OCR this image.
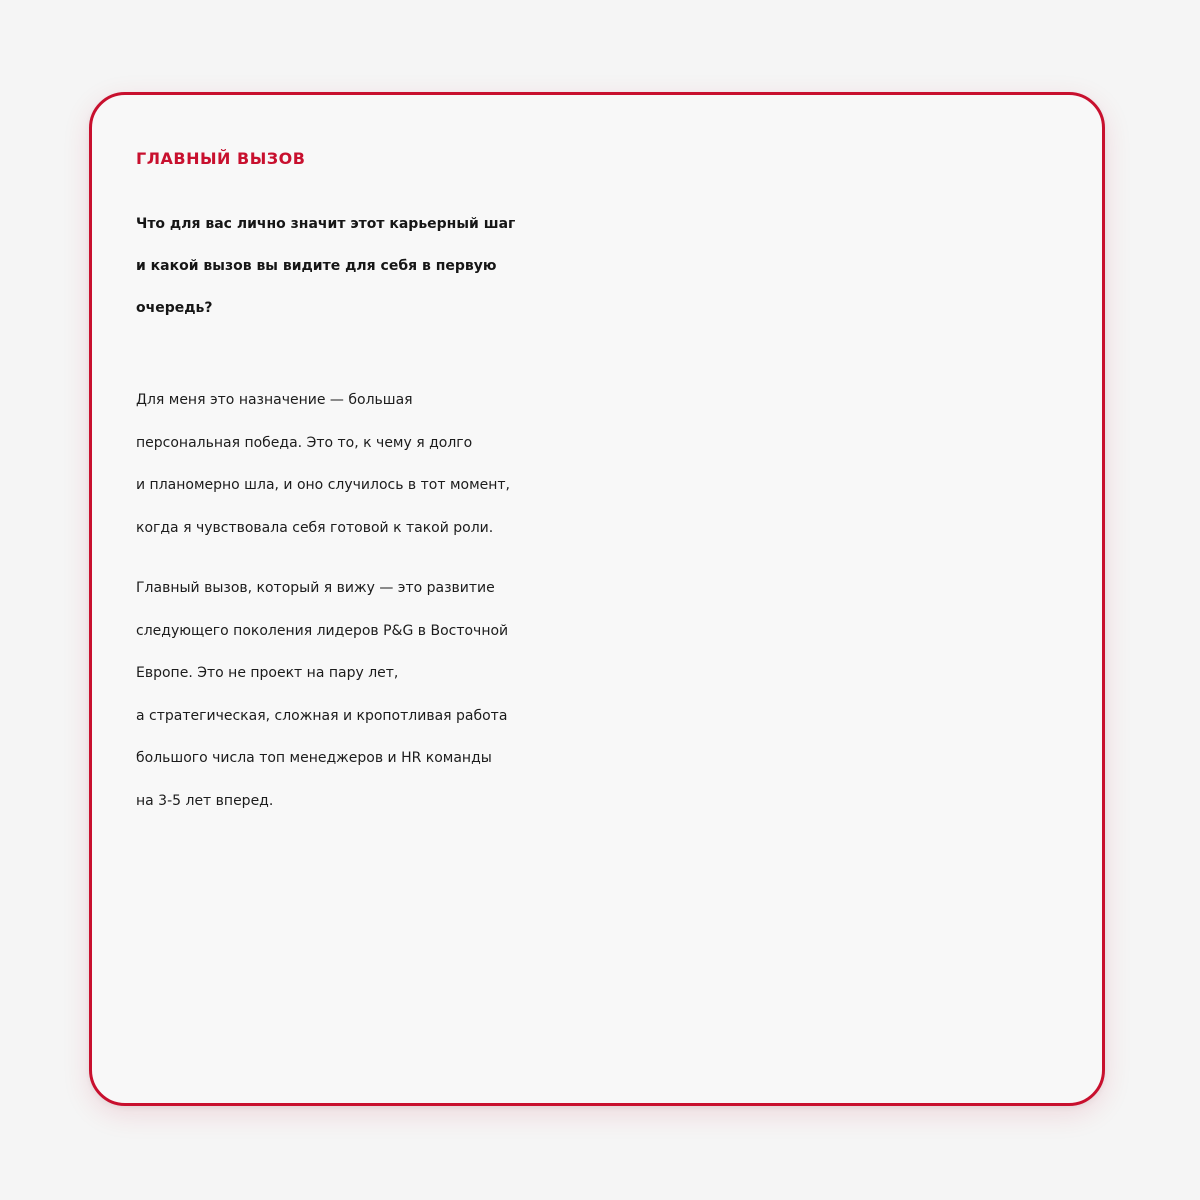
ГЛАВНЫЙ ВЫЗОВ

Что для вас лично значит этот карьерный шаг
и какой вызов вы видите для себя в первую
очередь?

Для меня это назначение — большая
персональная победа. Это то, к чему я долго
и планомерно шла, и оно случилось в тот момент,
когда я чувствовала себя готовой к такой роли.

Главный вызов, который я вижу — это развитие
следующего поколения лидеров P&G в Восточной
Европе. Это не проект на пару лет,
а стратегическая, сложная и кропотливая работа
большого числа топ менеджеров и HR команды
на 3-5 лет вперед.
